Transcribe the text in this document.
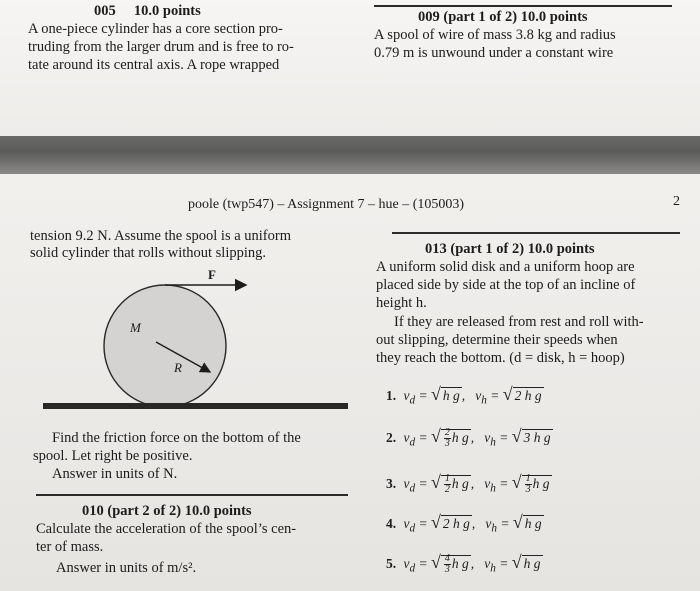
005     10.0 points
A one-piece cylinder has a core section pro-
truding from the larger drum and is free to ro-
tate around its central axis. A rope wrapped
009 (part 1 of 2) 10.0 points
A spool of wire of mass 3.8 kg and radius
0.79 m is unwound under a constant wire
poole (twp547) – Assignment 7 – hue – (105003)	2
tension 9.2 N. Assume the spool is a uniform
solid cylinder that rolls without slipping.
F
M
R
Find the friction force on the bottom of the
spool. Let right be positive.
Answer in units of N.
010 (part 2 of 2) 10.0 points
Calculate the acceleration of the spool’s cen-
ter of mass.
Answer in units of m/s².
013 (part 1 of 2) 10.0 points
A uniform solid disk and a uniform hoop are
placed side by side at the top of an incline of
height h.
If they are released from rest and roll with-
out slipping, determine their speeds when
they reach the bottom. (d = disk, h = hoop)
1. $v_d$ = √ h g , $v_h$ = √ 2 h g
2. $v_d$ = √ $\frac{2}{3}$ h g , $v_h$ = √ 3 h g
3. $v_d$ = √ $\frac{1}{2}$ h g , $v_h$ = √ $\frac{1}{3}$ h g
4. $v_d$ = √ 2 h g , $v_h$ = √ h g
5. $v_d$ = √ $\frac{4}{3}$ h g , $v_h$ = √ h g
